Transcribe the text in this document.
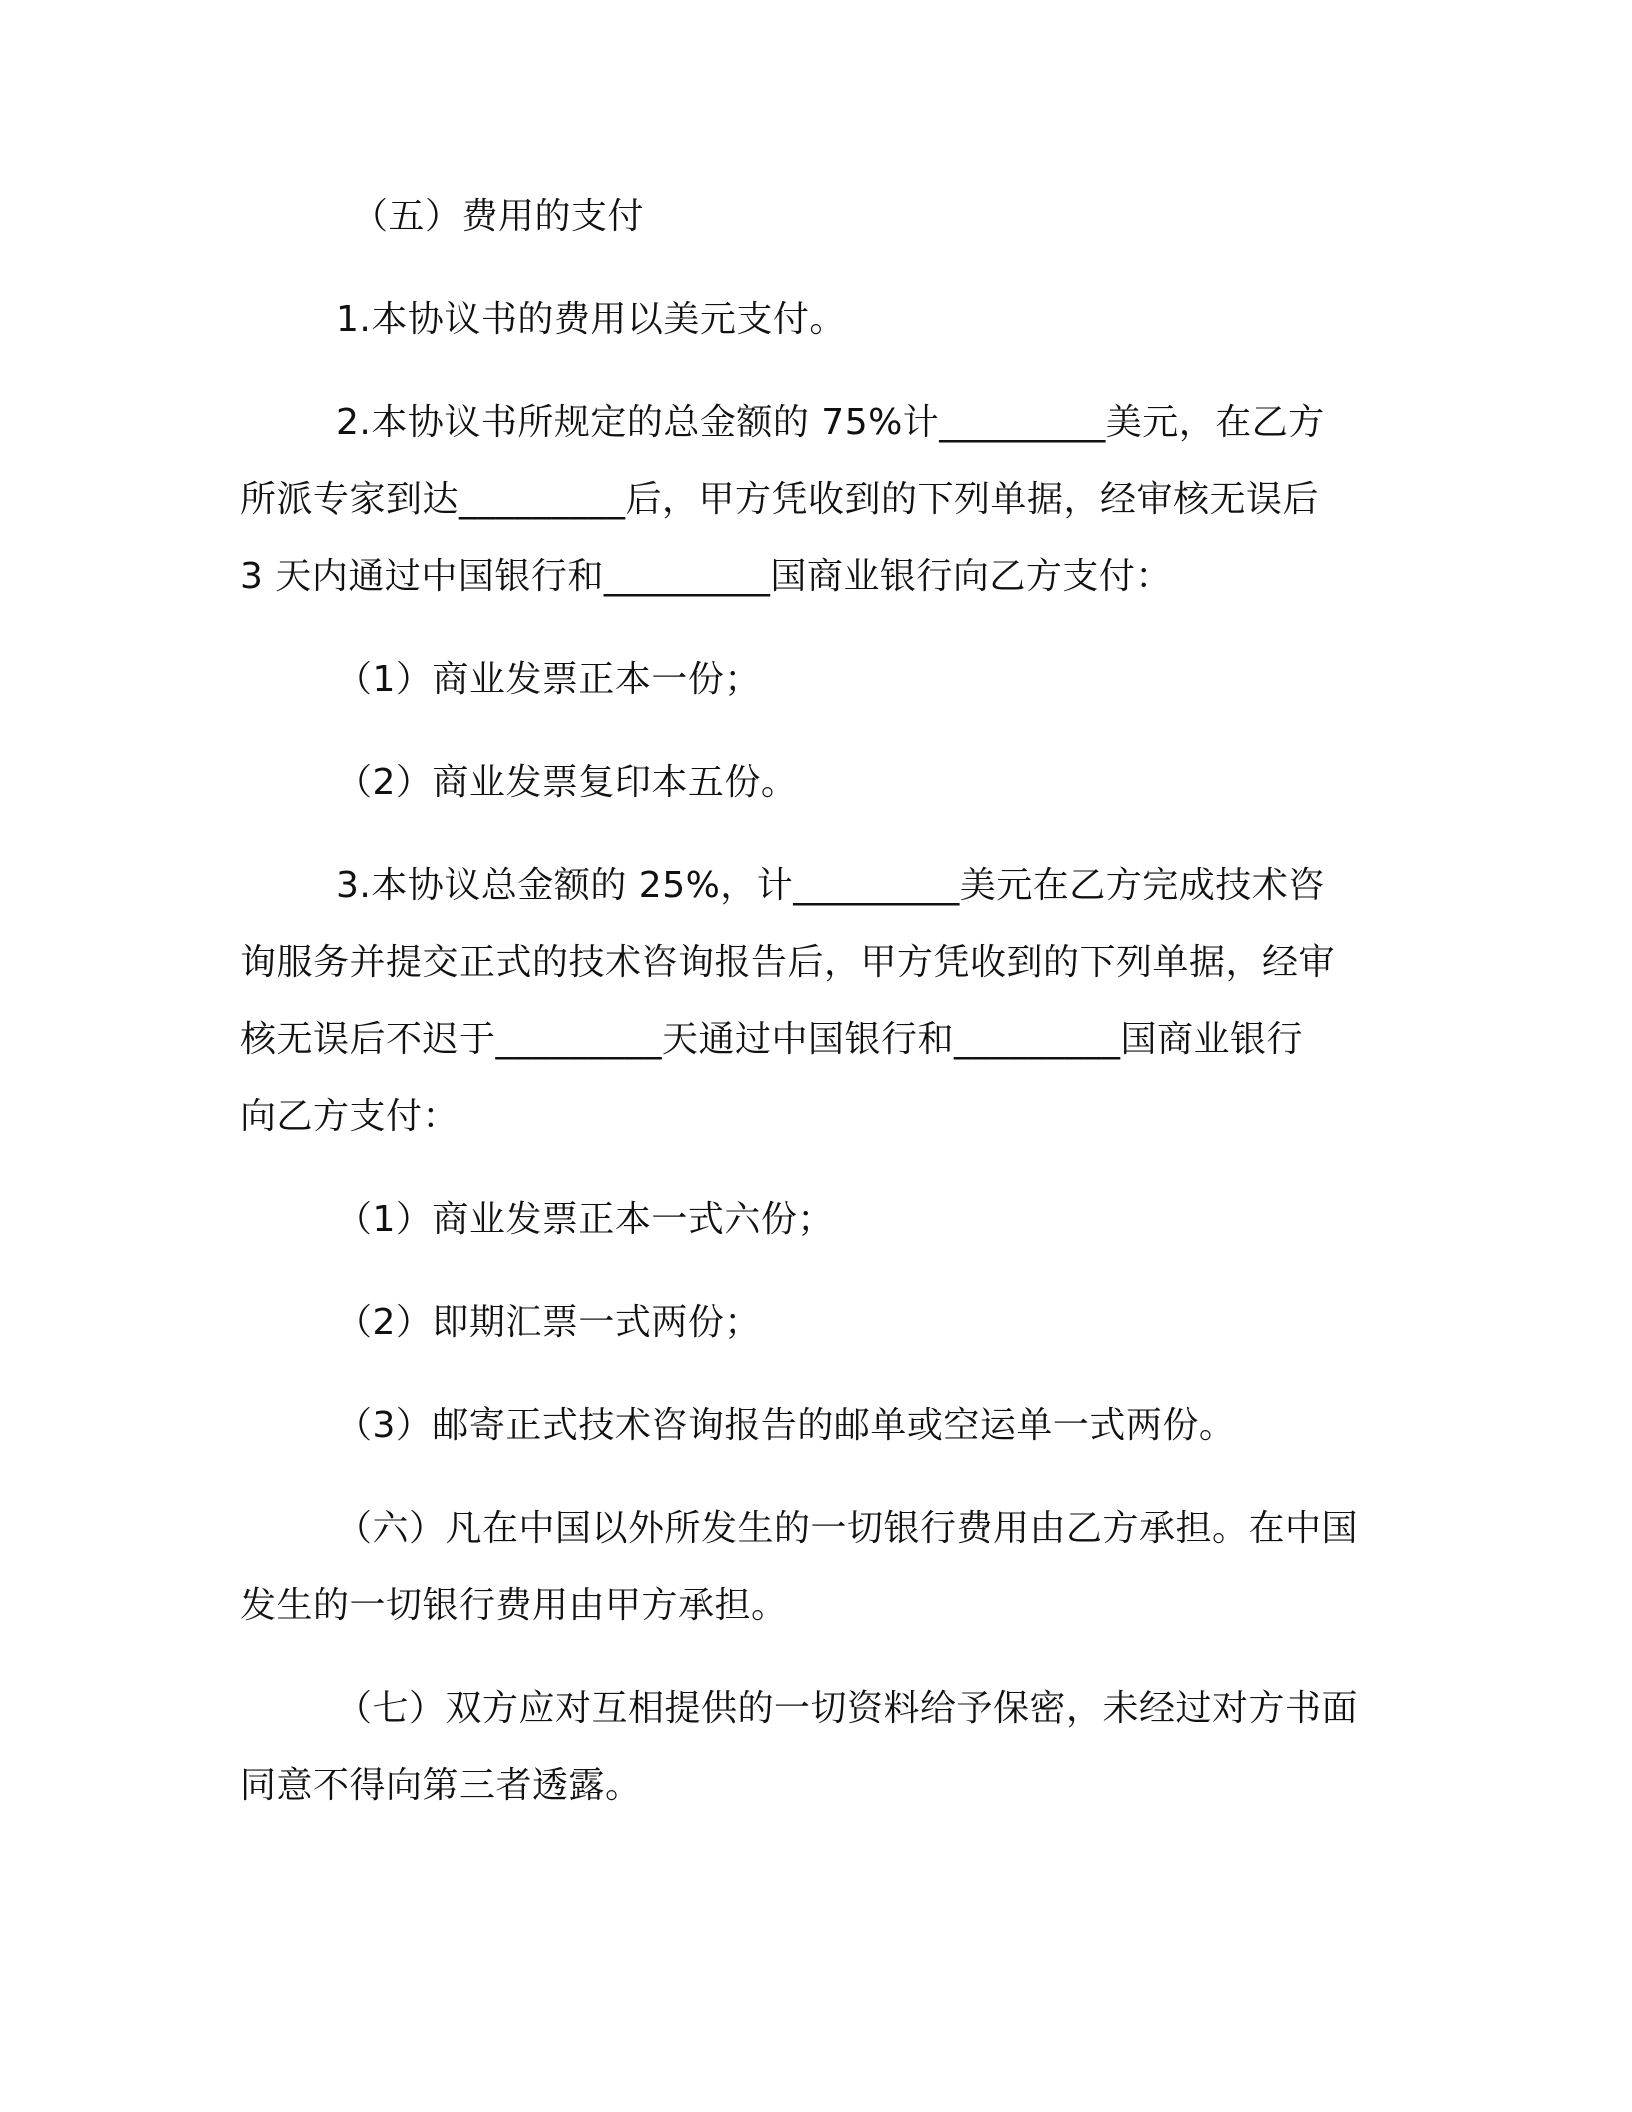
（五）费用的支付
1.本协议书的费用以美元支付。
2.本协议书所规定的总金额的 75%计_________美元，在乙方
所派专家到达_________后，甲方凭收到的下列单据，经审核无误后
3 天内通过中国银行和_________国商业银行向乙方支付：
（1）商业发票正本一份；
（2）商业发票复印本五份。
3.本协议总金额的 25%，计_________美元在乙方完成技术咨
询服务并提交正式的技术咨询报告后，甲方凭收到的下列单据，经审
核无误后不迟于_________天通过中国银行和_________国商业银行
向乙方支付：
（1）商业发票正本一式六份；
（2）即期汇票一式两份；
（3）邮寄正式技术咨询报告的邮单或空运单一式两份。
（六）凡在中国以外所发生的一切银行费用由乙方承担。在中国
发生的一切银行费用由甲方承担。
（七）双方应对互相提供的一切资料给予保密，未经过对方书面
同意不得向第三者透露。
